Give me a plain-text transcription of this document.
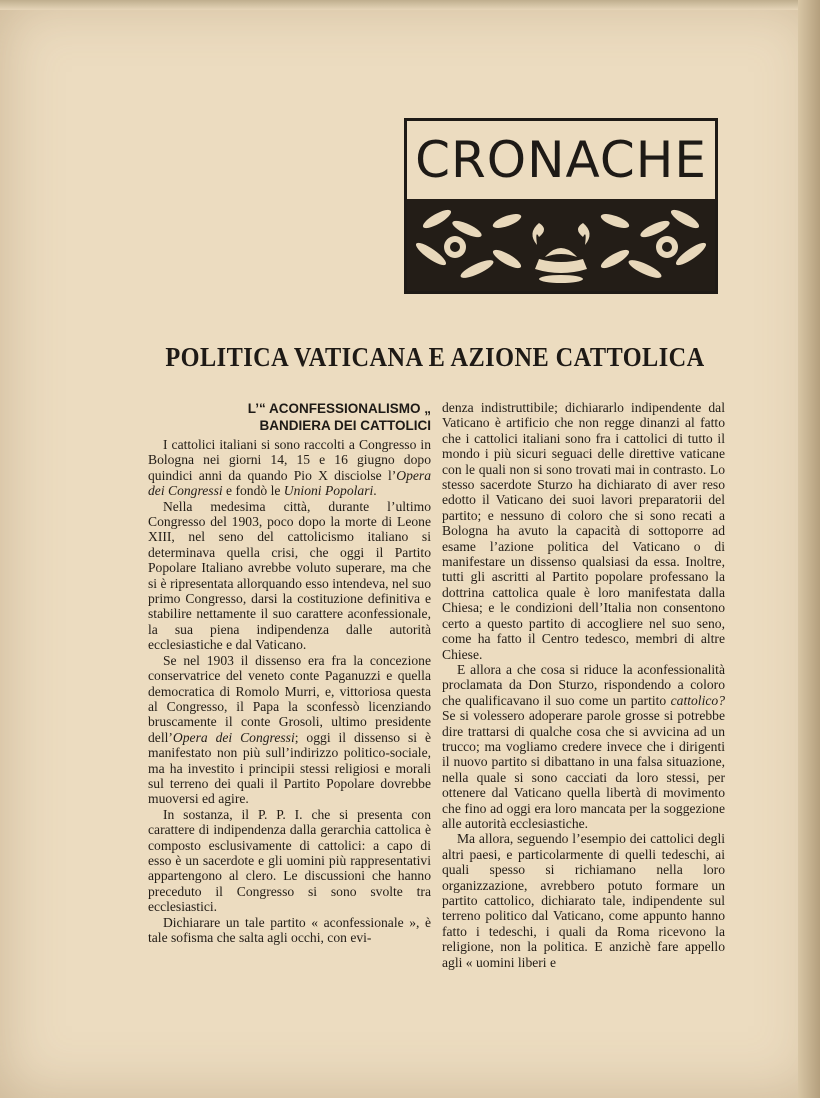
CRONACHE
POLITICA VATICANA E AZIONE CATTOLICA
L’“ ACONFESSIONALISMO „
BANDIERA DEI CATTOLICI

I cattolici italiani si sono raccolti a Congresso in Bologna nei giorni 14, 15 e 16 giugno dopo quindici anni da quando Pio X disciolse l’Opera dei Congressi e fondò le Unioni Popolari.

Nella medesima città, durante l’ultimo Congresso del 1903, poco dopo la morte di Leone XIII, nel seno del cattolicismo italiano si determinava quella crisi, che oggi il Partito Popolare Italiano avrebbe voluto superare, ma che si è ripresentata allorquando esso intendeva, nel suo primo Congresso, darsi la costituzione definitiva e stabilire nettamente il suo carattere aconfessionale, la sua piena indipendenza dalle autorità ecclesiastiche e dal Vaticano.

Se nel 1903 il dissenso era fra la concezione conservatrice del veneto conte Paganuzzi e quella democratica di Romolo Murri, e, vittoriosa questa al Congresso, il Papa la sconfessò licenziando bruscamente il conte Grosoli, ultimo presidente dell’Opera dei Congressi; oggi il dissenso si è manifestato non più sull’indirizzo politico-sociale, ma ha investito i principii stessi religiosi e morali sul terreno dei quali il Partito Popolare dovrebbe muoversi ed agire.

In sostanza, il P. P. I. che si presenta con carattere di indipendenza dalla gerarchia cattolica è composto esclusivamente di cattolici: a capo di esso è un sacerdote e gli uomini più rappresentativi appartengono al clero. Le discussioni che hanno preceduto il Congresso si sono svolte tra ecclesiastici.

Dichiarare un tale partito « aconfessionale », è tale sofisma che salta agli occhi, con evi-

denza indistruttibile; dichiararlo indipendente dal Vaticano è artificio che non regge dinanzi al fatto che i cattolici italiani sono fra i cattolici di tutto il mondo i più sicuri seguaci delle direttive vaticane con le quali non si sono trovati mai in contrasto. Lo stesso sacerdote Sturzo ha dichiarato di aver reso edotto il Vaticano dei suoi lavori preparatorii del partito; e nessuno di coloro che si sono recati a Bologna ha avuto la capacità di sottoporre ad esame l’azione politica del Vaticano o di manifestare un dissenso qualsiasi da essa. Inoltre, tutti gli ascritti al Partito popolare professano la dottrina cattolica quale è loro manifestata dalla Chiesa; e le condizioni dell’Italia non consentono certo a questo partito di accogliere nel suo seno, come ha fatto il Centro tedesco, membri di altre Chiese.

E allora a che cosa si riduce la aconfessionalità proclamata da Don Sturzo, rispondendo a coloro che qualificavano il suo come un partito cattolico? Se si volessero adoperare parole grosse si potrebbe dire trattarsi di qualche cosa che si avvicina ad un trucco; ma vogliamo credere invece che i dirigenti il nuovo partito si dibattano in una falsa situazione, nella quale si sono cacciati da loro stessi, per ottenere dal Vaticano quella libertà di movimento che fino ad oggi era loro mancata per la soggezione alle autorità ecclesiastiche.

Ma allora, seguendo l’esempio dei cattolici degli altri paesi, e particolarmente di quelli tedeschi, ai quali spesso si richiamano nella loro organizzazione, avrebbero potuto formare un partito cattolico, dichiarato tale, indipendente sul terreno politico dal Vaticano, come appunto hanno fatto i tedeschi, i quali da Roma ricevono la religione, non la politica. E anzichè fare appello agli « uomini liberi e
